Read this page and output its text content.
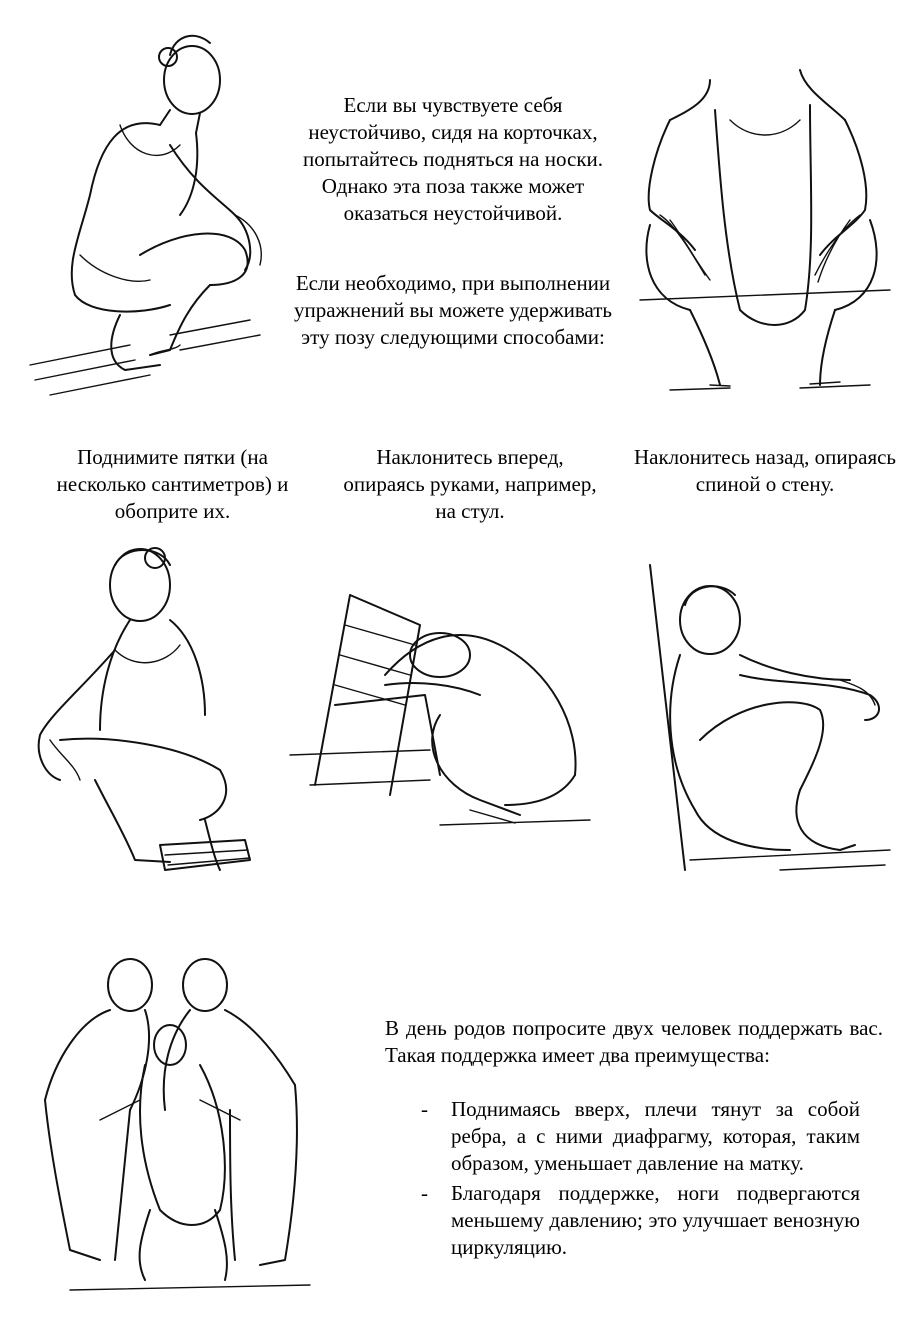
Если вы чувствуете себя неустойчиво, сидя на корточках, попытайтесь подняться на носки. Однако эта поза также может оказаться неустойчивой.
Если необходимо, при выполнении упражнений вы можете удерживать эту позу следующими способами:
Поднимите пятки (на несколько сантиметров) и обоприте их.
Наклонитесь вперед, опираясь руками, например, на стул.
Наклонитесь назад, опираясь спиной о стену.
В день родов попросите двух человек поддержать вас. Такая поддержка имеет два преимущества:
- Поднимаясь вверх, плечи тянут за собой ребра, а с ними диафрагму, которая, таким образом, уменьшает давление на матку.
- Благодаря поддержке, ноги подвергаются меньшему давлению; это улучшает венозную циркуляцию.
